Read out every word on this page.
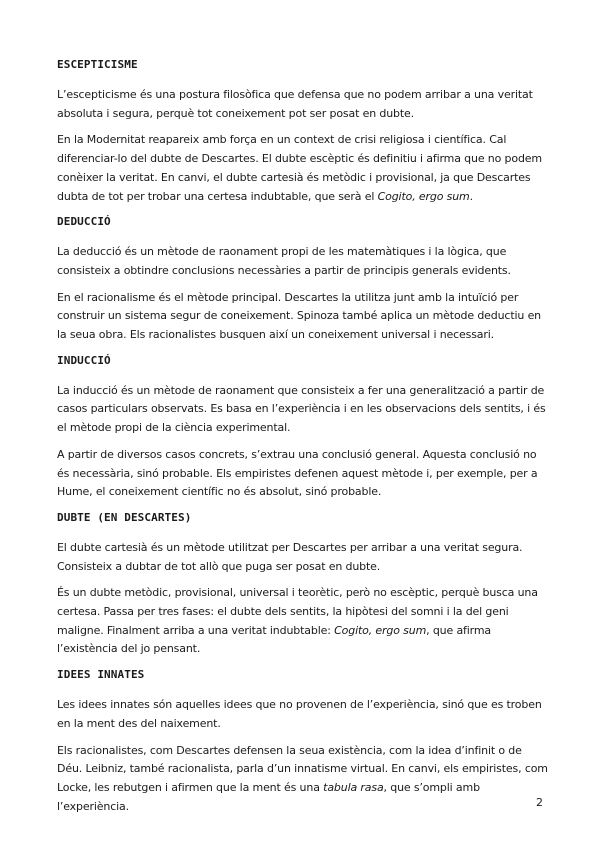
ESCEPTICISME

L’escepticisme és una postura filosòfica que defensa que no podem arribar a una veritat absoluta i segura, perquè tot coneixement pot ser posat en dubte.

En la Modernitat reapareix amb força en un context de crisi religiosa i científica. Cal diferenciar-lo del dubte de Descartes. El dubte escèptic és definitiu i afirma que no podem conèixer la veritat. En canvi, el dubte cartesià és metòdic i provisional, ja que Descartes dubta de tot per trobar una certesa indubtable, que serà el Cogito, ergo sum.

DEDUCCIÓ

La deducció és un mètode de raonament propi de les matemàtiques i la lògica, que consisteix a obtindre conclusions necessàries a partir de principis generals evidents.

En el racionalisme és el mètode principal. Descartes la utilitza junt amb la intuïció per construir un sistema segur de coneixement. Spinoza també aplica un mètode deductiu en la seua obra. Els racionalistes busquen així un coneixement universal i necessari.

INDUCCIÓ

La inducció és un mètode de raonament que consisteix a fer una generalització a partir de casos particulars observats. Es basa en l’experiència i en les observacions dels sentits, i és el mètode propi de la ciència experimental.

A partir de diversos casos concrets, s’extrau una conclusió general. Aquesta conclusió no és necessària, sinó probable. Els empiristes defenen aquest mètode i, per exemple, per a Hume, el coneixement científic no és absolut, sinó probable.

DUBTE (EN DESCARTES)

El dubte cartesià és un mètode utilitzat per Descartes per arribar a una veritat segura. Consisteix a dubtar de tot allò que puga ser posat en dubte.

És un dubte metòdic, provisional, universal i teorètic, però no escèptic, perquè busca una certesa. Passa per tres fases: el dubte dels sentits, la hipòtesi del somni i la del geni maligne. Finalment arriba a una veritat indubtable: Cogito, ergo sum, que afirma l’existència del jo pensant.

IDEES INNATES

Les idees innates són aquelles idees que no provenen de l’experiència, sinó que es troben en la ment des del naixement.

Els racionalistes, com Descartes defensen la seua existència, com la idea d’infinit o de Déu. Leibniz, també racionalista, parla d’un innatisme virtual. En canvi, els empiristes, com Locke, les rebutgen i afirmen que la ment és una tabula rasa, que s’ompli amb l’experiència.	2
